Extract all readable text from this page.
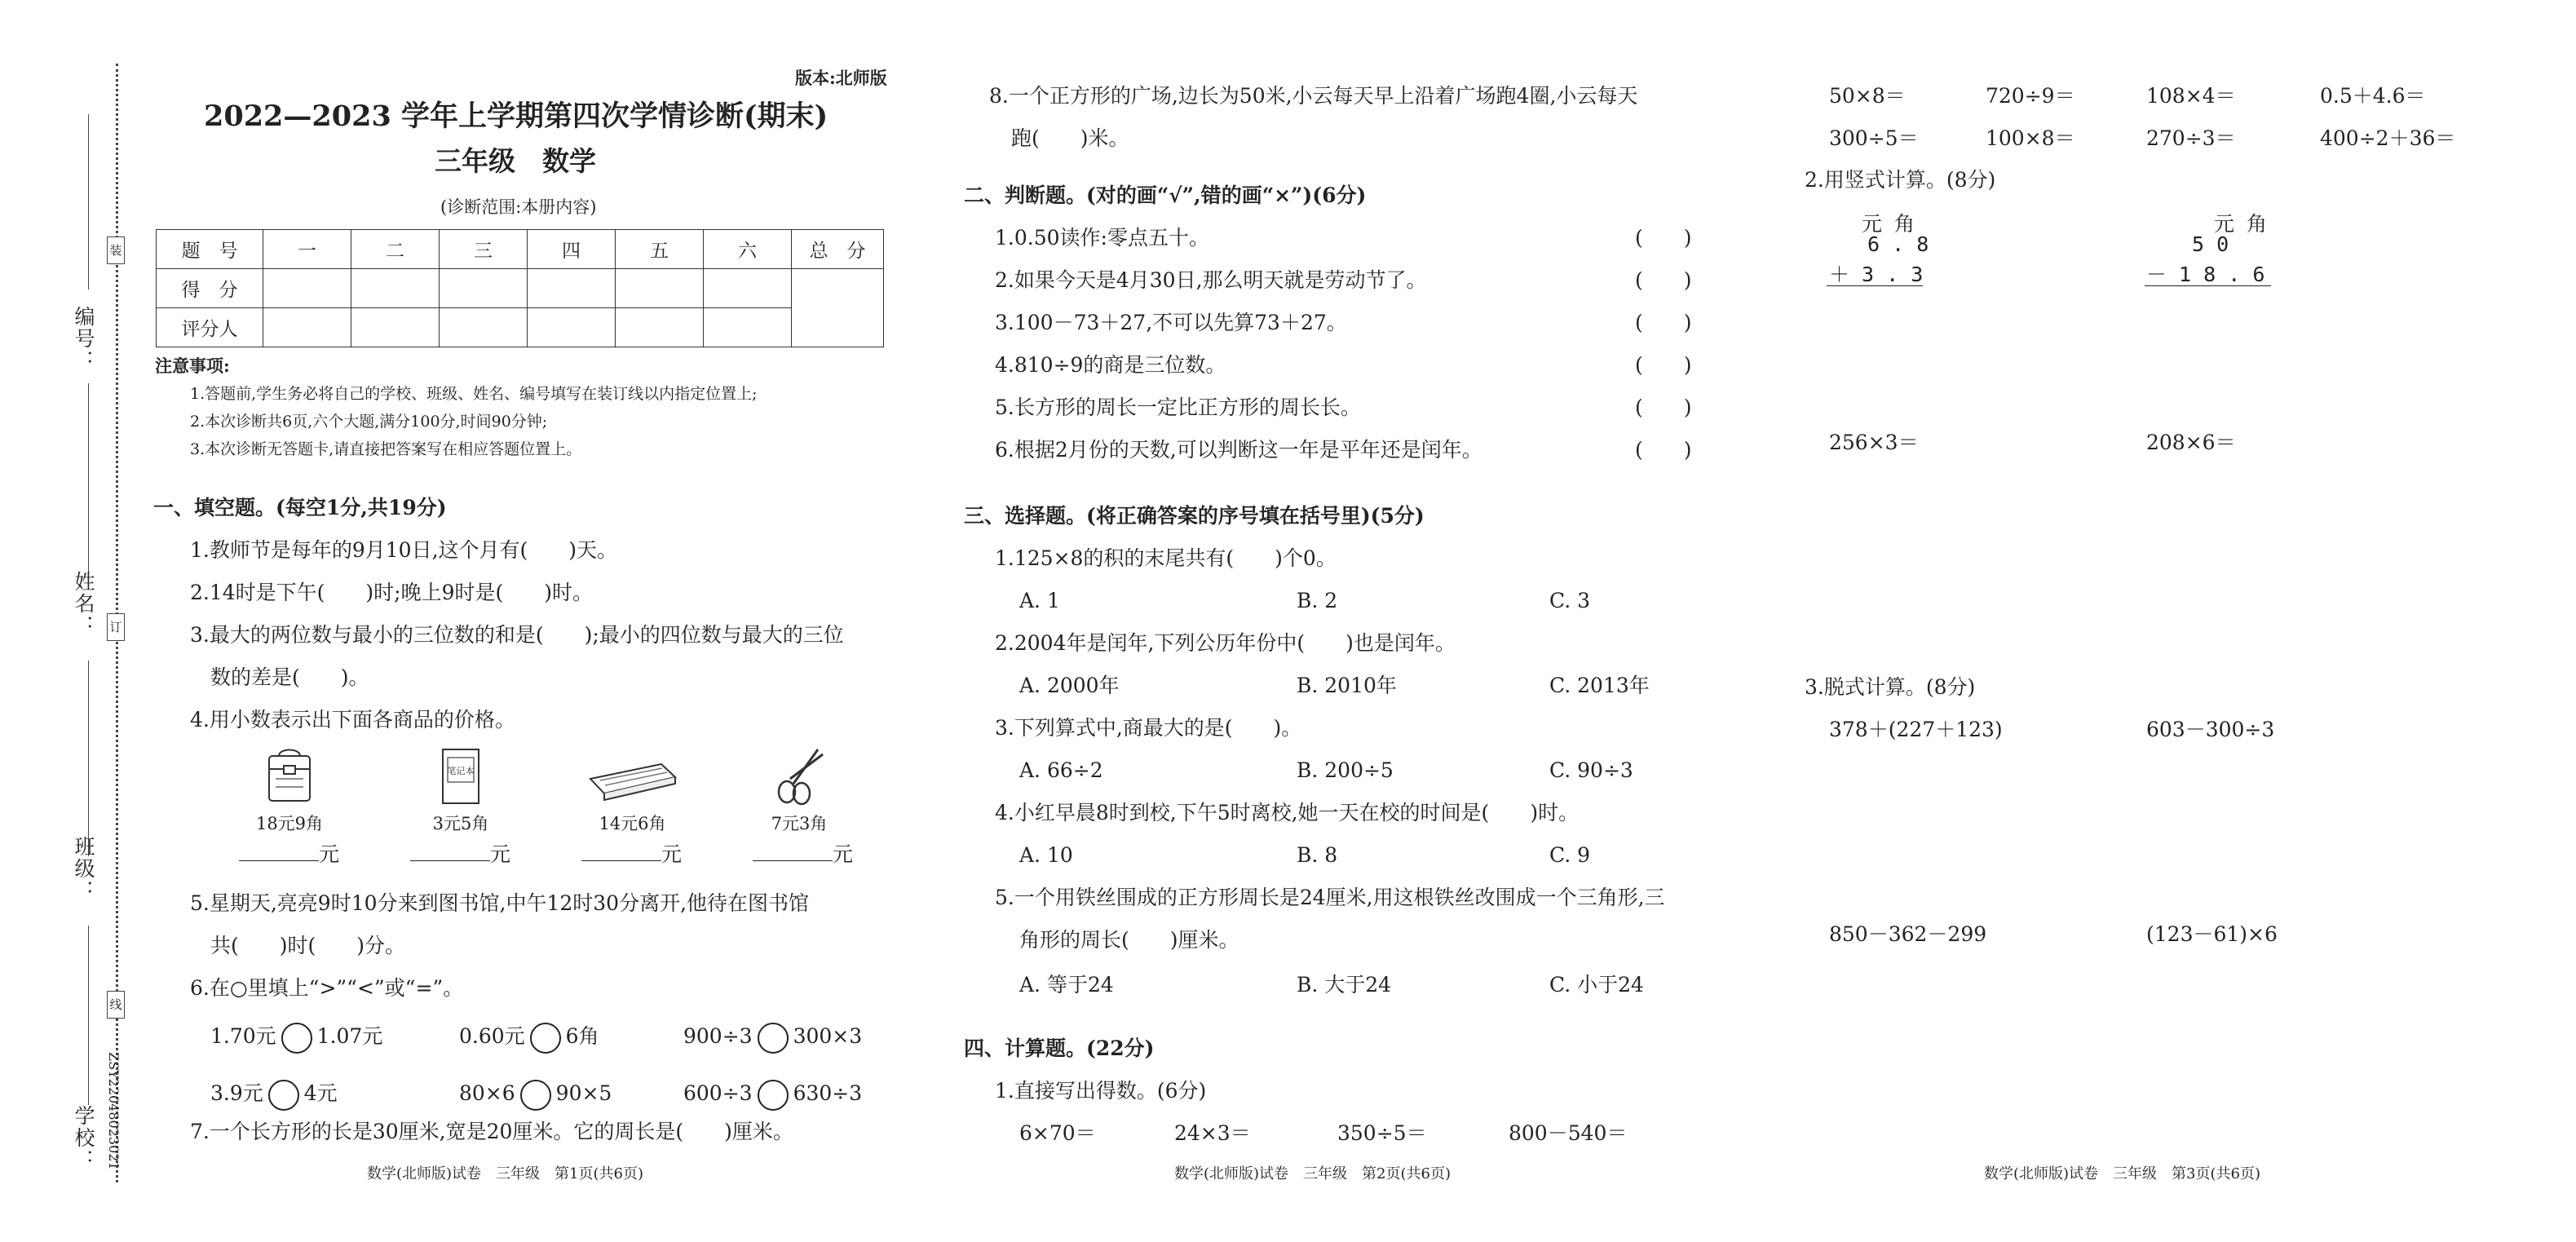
编号：
姓名：
班级：
学校： ZSY22048023021
装
订
线
版本:北师版
2022—2023 学年上学期第四次学情诊断(期末)
三年级　数学
(诊断范围:本册内容)
题　号	一	二	三	四	五	六	总　分
得　分							
评分人							
注意事项:
1.答题前,学生务必将自己的学校、班级、姓名、编号填写在装订线以内指定位置上;
2.本次诊断共6页,六个大题,满分100分,时间90分钟;
3.本次诊断无答题卡,请直接把答案写在相应答题位置上。
一、填空题。(每空1分,共19分)
1.教师节是每年的9月10日,这个月有(　　)天。
2.14时是下午(　　)时;晚上9时是(　　)时。
3.最大的两位数与最小的三位数的和是(　　);最小的四位数与最大的三位
数的差是(　　)。
4.用小数表示出下面各商品的价格。
18元9角
笔记本
3元5角	14元6角	7元3角
元	元	元	元
5.星期天,亮亮9时10分来到图书馆,中午12时30分离开,他待在图书馆
共(　　)时(　　)分。
6.在○里填上“>”“<”或“=”。
1.70元 1.07元	0.60元 6角	900÷3 300×3
3.9元 4元	80×6 90×5	600÷3 630÷3
7.一个长方形的长是30厘米,宽是20厘米。它的周长是(　　)厘米。
数学(北师版)试卷　三年级　第1页(共6页)
8.一个正方形的广场,边长为50米,小云每天早上沿着广场跑4圈,小云每天
跑(　　)米。
二、判断题。(对的画“√”,错的画“×”)(6分)
1.0.50读作:零点五十。
2.如果今天是4月30日,那么明天就是劳动节了。
3.100－73＋27,不可以先算73＋27。
4.810÷9的商是三位数。
5.长方形的周长一定比正方形的周长长。
6.根据2月份的天数,可以判断这一年是平年还是闰年。
(　　)
(　　)
(　　)
(　　)
(　　)
(　　)
三、选择题。(将正确答案的序号填在括号里)(5分)
1.125×8的积的末尾共有(　　)个0。
A. 1	B. 2	C. 3
2.2004年是闰年,下列公历年份中(　　)也是闰年。
A. 2000年	B. 2010年	C. 2013年
3.下列算式中,商最大的是(　　)。
A. 66÷2	B. 200÷5	C. 90÷3
4.小红早晨8时到校,下午5时离校,她一天在校的时间是(　　)时。
A. 10	B. 8	C. 9
5.一个用铁丝围成的正方形周长是24厘米,用这根铁丝改围成一个三角形,三
角形的周长(　　)厘米。
A. 等于24	B. 大于24	C. 小于24
四、计算题。(22分)
1.直接写出得数。(6分)
6×70＝	24×3＝	350÷5＝	800－540＝
数学(北师版)试卷　三年级　第2页(共6页)
50×8＝	720÷9＝	108×4＝	0.5＋4.6＝
300÷5＝	100×8＝	270÷3＝	400÷2＋36＝
2.用竖式计算。(8分)
元 角
6 . 8
＋ 3 . 3
元 角
5 0
－ 1 8 . 6
256×3＝	208×6＝
3.脱式计算。(8分)
378＋(227＋123)	603－300÷3
850－362－299	(123－61)×6
数学(北师版)试卷　三年级　第3页(共6页)
